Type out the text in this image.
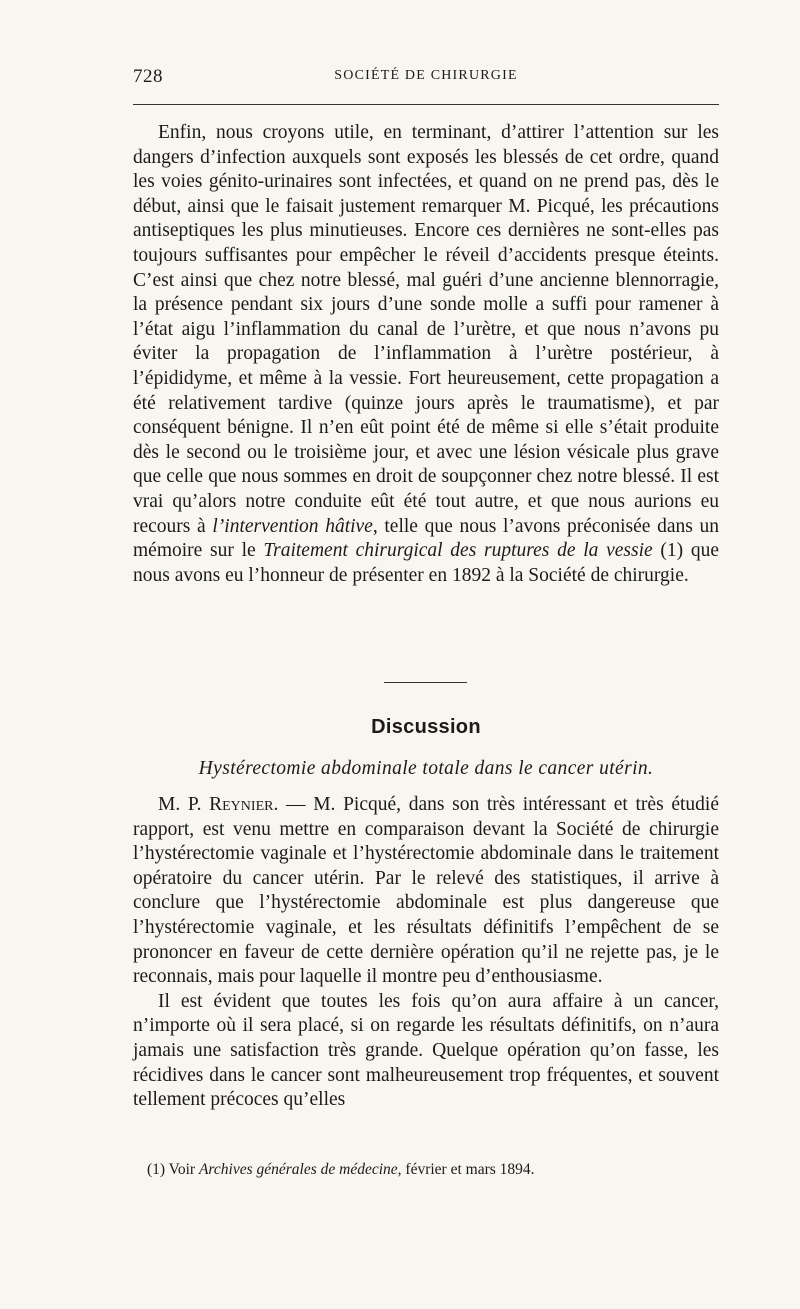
728	SOCIÉTÉ DE CHIRURGIE

Enfin, nous croyons utile, en terminant, d’attirer l’attention sur les dangers d’infection auxquels sont exposés les blessés de cet ordre, quand les voies génito-urinaires sont infectées, et quand on ne prend pas, dès le début, ainsi que le faisait justement remarquer M. Picqué, les précautions antiseptiques les plus minutieuses. Encore ces dernières ne sont-elles pas toujours suffisantes pour empêcher le réveil d’accidents presque éteints. C’est ainsi que chez notre blessé, mal guéri d’une ancienne blennorragie, la présence pendant six jours d’une sonde molle a suffi pour ramener à l’état aigu l’inflammation du canal de l’urètre, et que nous n’avons pu éviter la propagation de l’inflammation à l’urètre postérieur, à l’épididyme, et même à la vessie. Fort heureusement, cette propagation a été relativement tardive (quinze jours après le traumatisme), et par conséquent bénigne. Il n’en eût point été de même si elle s’était produite dès le second ou le troisième jour, et avec une lésion vésicale plus grave que celle que nous sommes en droit de soupçonner chez notre blessé. Il est vrai qu’alors notre conduite eût été tout autre, et que nous aurions eu recours à l’intervention hâtive, telle que nous l’avons préconisée dans un mémoire sur le Traitement chirurgical des ruptures de la vessie (1) que nous avons eu l’honneur de présenter en 1892 à la Société de chirurgie.

Discussion
Hystérectomie abdominale totale dans le cancer utérin.

M. P. Reynier. — M. Picqué, dans son très intéressant et très étudié rapport, est venu mettre en comparaison devant la Société de chirurgie l’hystérectomie vaginale et l’hystérectomie abdominale dans le traitement opératoire du cancer utérin. Par le relevé des statistiques, il arrive à conclure que l’hystérectomie abdominale est plus dangereuse que l’hystérectomie vaginale, et les résultats définitifs l’empêchent de se prononcer en faveur de cette dernière opération qu’il ne rejette pas, je le reconnais, mais pour laquelle il montre peu d’enthousiasme.

Il est évident que toutes les fois qu’on aura affaire à un cancer, n’importe où il sera placé, si on regarde les résultats définitifs, on n’aura jamais une satisfaction très grande. Quelque opération qu’on fasse, les récidives dans le cancer sont malheureusement trop fréquentes, et souvent tellement précoces qu’elles

(1) Voir Archives générales de médecine, février et mars 1894.
